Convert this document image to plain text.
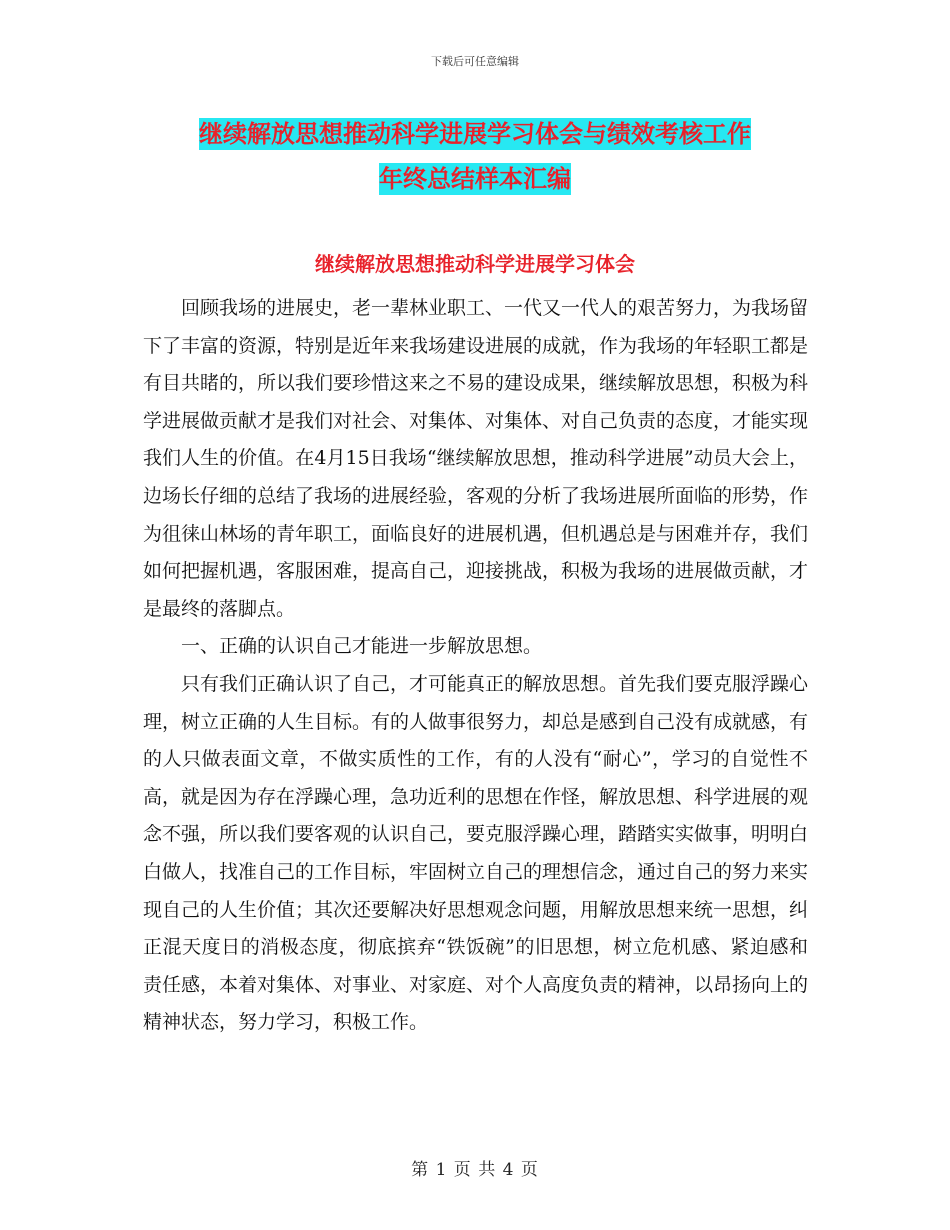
下载后可任意编辑
继续解放思想推动科学进展学习体会与绩效考核工作
年终总结样本汇编
继续解放思想推动科学进展学习体会

回顾我场的进展史，老一辈林业职工、一代又一代人的艰苦努力，为我场留下了丰富的资源，特别是近年来我场建设进展的成就，作为我场的年轻职工都是有目共睹的，所以我们要珍惜这来之不易的建设成果，继续解放思想，积极为科学进展做贡献才是我们对社会、对集体、对集体、对自己负责的态度，才能实现我们人生的价值。在4月15日我场“继续解放思想，推动科学进展”动员大会上，边场长仔细的总结了我场的进展经验，客观的分析了我场进展所面临的形势，作为徂徕山林场的青年职工，面临良好的进展机遇，但机遇总是与困难并存，我们如何把握机遇，客服困难，提高自己，迎接挑战，积极为我场的进展做贡献，才是最终的落脚点。

一、正确的认识自己才能进一步解放思想。

只有我们正确认识了自己，才可能真正的解放思想。首先我们要克服浮躁心理，树立正确的人生目标。有的人做事很努力，却总是感到自己没有成就感，有的人只做表面文章，不做实质性的工作，有的人没有“耐心”，学习的自觉性不高，就是因为存在浮躁心理，急功近利的思想在作怪，解放思想、科学进展的观念不强，所以我们要客观的认识自己，要克服浮躁心理，踏踏实实做事，明明白白做人，找准自己的工作目标，牢固树立自己的理想信念，通过自己的努力来实现自己的人生价值；其次还要解决好思想观念问题，用解放思想来统一思想，纠正混天度日的消极态度，彻底摈弃“铁饭碗”的旧思想，树立危机感、紧迫感和责任感，本着对集体、对事业、对家庭、对个人高度负责的精神，以昂扬向上的精神状态，努力学习，积极工作。

第 1 页 共 4 页
